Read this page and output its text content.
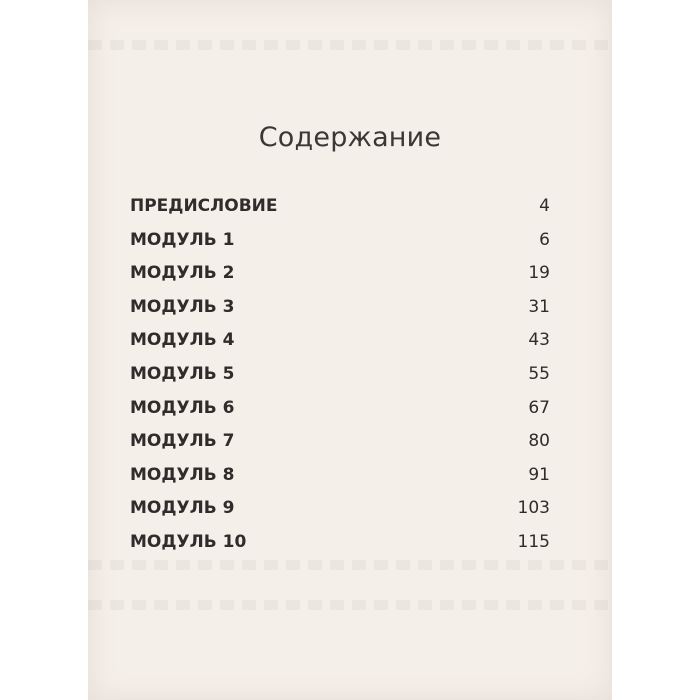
Содержание
ПРЕДИСЛОВИЕ	4
МОДУЛЬ 1	6
МОДУЛЬ 2	19
МОДУЛЬ 3	31
МОДУЛЬ 4	43
МОДУЛЬ 5	55
МОДУЛЬ 6	67
МОДУЛЬ 7	80
МОДУЛЬ 8	91
МОДУЛЬ 9	103
МОДУЛЬ 10	115
